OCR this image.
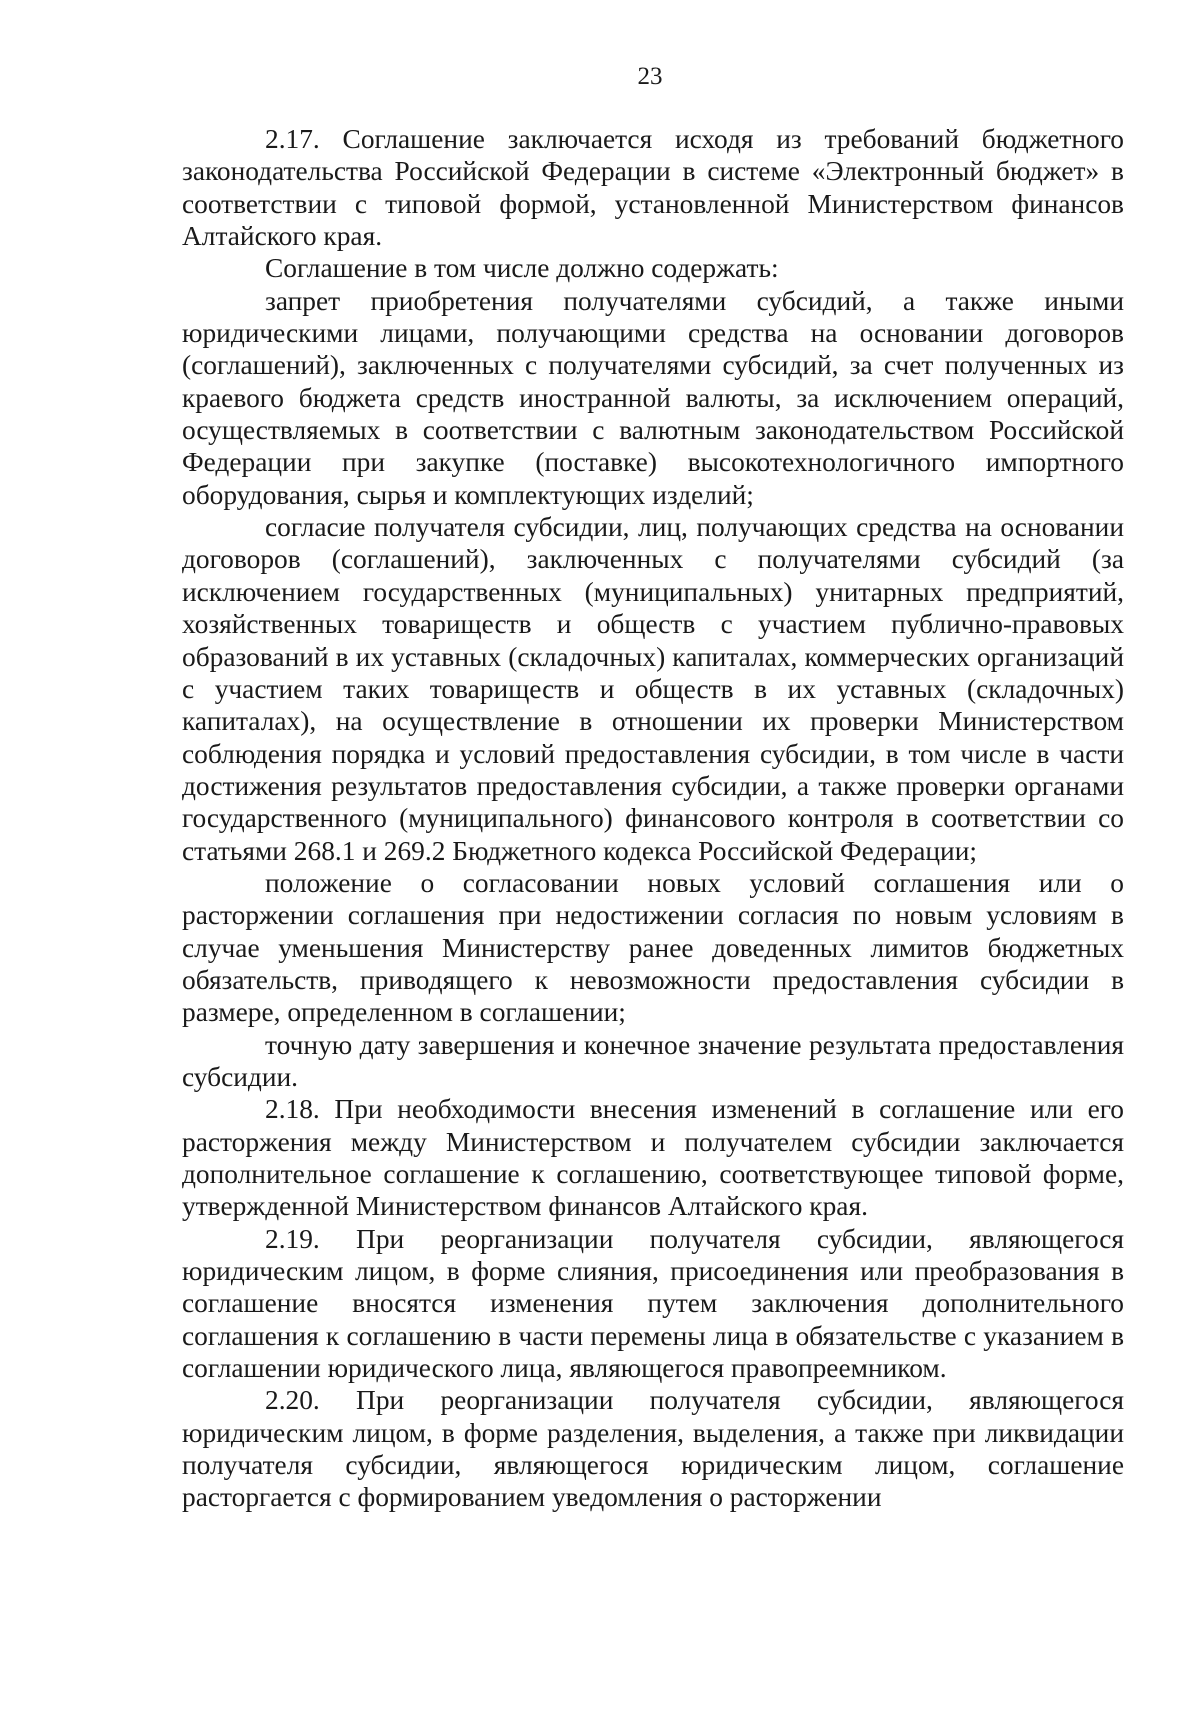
23

2.17. Соглашение заключается исходя из требований бюджетного законодательства Российской Федерации в системе «Электронный бюджет» в соответствии с типовой формой, установленной Министерством финансов Алтайского края.

Соглашение в том числе должно содержать:

запрет приобретения получателями субсидий, а также иными юридическими лицами, получающими средства на основании договоров (соглашений), заключенных с получателями субсидий, за счет полученных из краевого бюджета средств иностранной валюты, за исключением операций, осуществляемых в соответствии с валютным законодательством Российской Федерации при закупке (поставке) высокотехнологичного импортного оборудования, сырья и комплектующих изделий;

согласие получателя субсидии, лиц, получающих средства на основании договоров (соглашений), заключенных с получателями субсидий (за исключением государственных (муниципальных) унитарных предприятий, хозяйственных товариществ и обществ с участием публично-правовых образований в их уставных (складочных) капиталах, коммерческих организаций с участием таких товариществ и обществ в их уставных (складочных) капиталах), на осуществление в отношении их проверки Министерством соблюдения порядка и условий предоставления субсидии, в том числе в части достижения результатов предоставления субсидии, а также проверки органами государственного (муниципального) финансового контроля в соответствии со статьями 268.1 и 269.2 Бюджетного кодекса Российской Федерации;

положение о согласовании новых условий соглашения или о расторжении соглашения при недостижении согласия по новым условиям в случае уменьшения Министерству ранее доведенных лимитов бюджетных обязательств, приводящего к невозможности предоставления субсидии в размере, определенном в соглашении;

точную дату завершения и конечное значение результата предоставления субсидии.

2.18. При необходимости внесения изменений в соглашение или его расторжения между Министерством и получателем субсидии заключается дополнительное соглашение к соглашению, соответствующее типовой форме, утвержденной Министерством финансов Алтайского края.

2.19. При реорганизации получателя субсидии, являющегося юридическим лицом, в форме слияния, присоединения или преобразования в соглашение вносятся изменения путем заключения дополнительного соглашения к соглашению в части перемены лица в обязательстве с указанием в соглашении юридического лица, являющегося правопреемником.

2.20. При реорганизации получателя субсидии, являющегося юридическим лицом, в форме разделения, выделения, а также при ликвидации получателя субсидии, являющегося юридическим лицом, соглашение расторгается с формированием уведомления о расторжении
